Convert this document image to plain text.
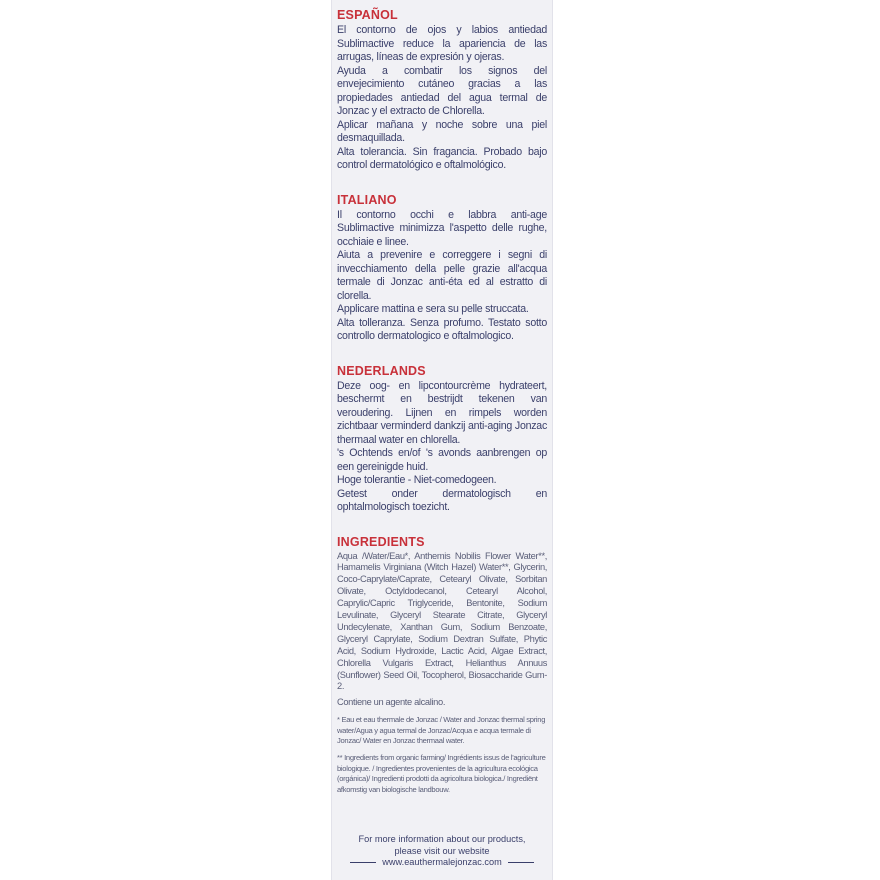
ESPAÑOL

El contorno de ojos y labios antiedad Sublimactive reduce la apariencia de las arrugas, líneas de expresión y ojeras.

Ayuda a combatir los signos del envejecimiento cutáneo gracias a las propiedades antiedad del agua termal de Jonzac y el extracto de Chlorella.

Aplicar mañana y noche sobre una piel desmaquillada.

Alta tolerancia. Sin fragancia. Probado bajo control dermatológico e oftalmológico.

ITALIANO

Il contorno occhi e labbra anti-age Sublimactive minimizza l'aspetto delle rughe, occhiaie e linee.

Aiuta a prevenire e correggere i segni di invecchiamento della pelle grazie all'acqua termale di Jonzac anti-éta ed al estratto di clorella.

Applicare mattina e sera su pelle struccata.

Alta tolleranza. Senza profumo. Testato sotto controllo dermatologico e oftalmologico.

NEDERLANDS

Deze oog- en lipcontourcrème hydrateert, beschermt en bestrijdt tekenen van veroudering. Lijnen en rimpels worden zichtbaar verminderd dankzij anti-aging Jonzac thermaal water en chlorella.

's Ochtends en/of 's avonds aanbrengen op een gereinigde huid.

Hoge tolerantie - Niet-comedogeen.

Getest onder dermatologisch en ophtalmologisch toezicht.

INGREDIENTS

Aqua /Water/Eau*, Anthemis Nobilis Flower Water**, Hamamelis Virginiana (Witch Hazel) Water**, Glycerin, Coco-Caprylate/Caprate, Cetearyl Olivate, Sorbitan Olivate, Octyldodecanol, Cetearyl Alcohol, Caprylic/Capric Triglyceride, Bentonite, Sodium Levulinate, Glyceryl Stearate Citrate, Glyceryl Undecylenate, Xanthan Gum, Sodium Benzoate, Glyceryl Caprylate, Sodium Dextran Sulfate, Phytic Acid, Sodium Hydroxide, Lactic Acid, Algae Extract, Chlorella Vulgaris Extract, Helianthus Annuus (Sunflower) Seed Oil, Tocopherol, Biosaccharide Gum-2.

Contiene un agente alcalino.

* Eau et eau thermale de Jonzac / Water and Jonzac thermal spring water/Agua y agua termal de Jonzac/Acqua e acqua termale di Jonzac/ Water en Jonzac thermaal water.

** Ingredients from organic farming/ Ingrédients issus de l'agriculture biologique. / Ingredientes provenientes de la agricultura ecológica (orgánica)/ Ingredienti prodotti da agricoltura biologica./ Ingrediënt afkomstig van biologische landbouw.

For more information about our products,
please visit our website
www.eauthermalejonzac.com
